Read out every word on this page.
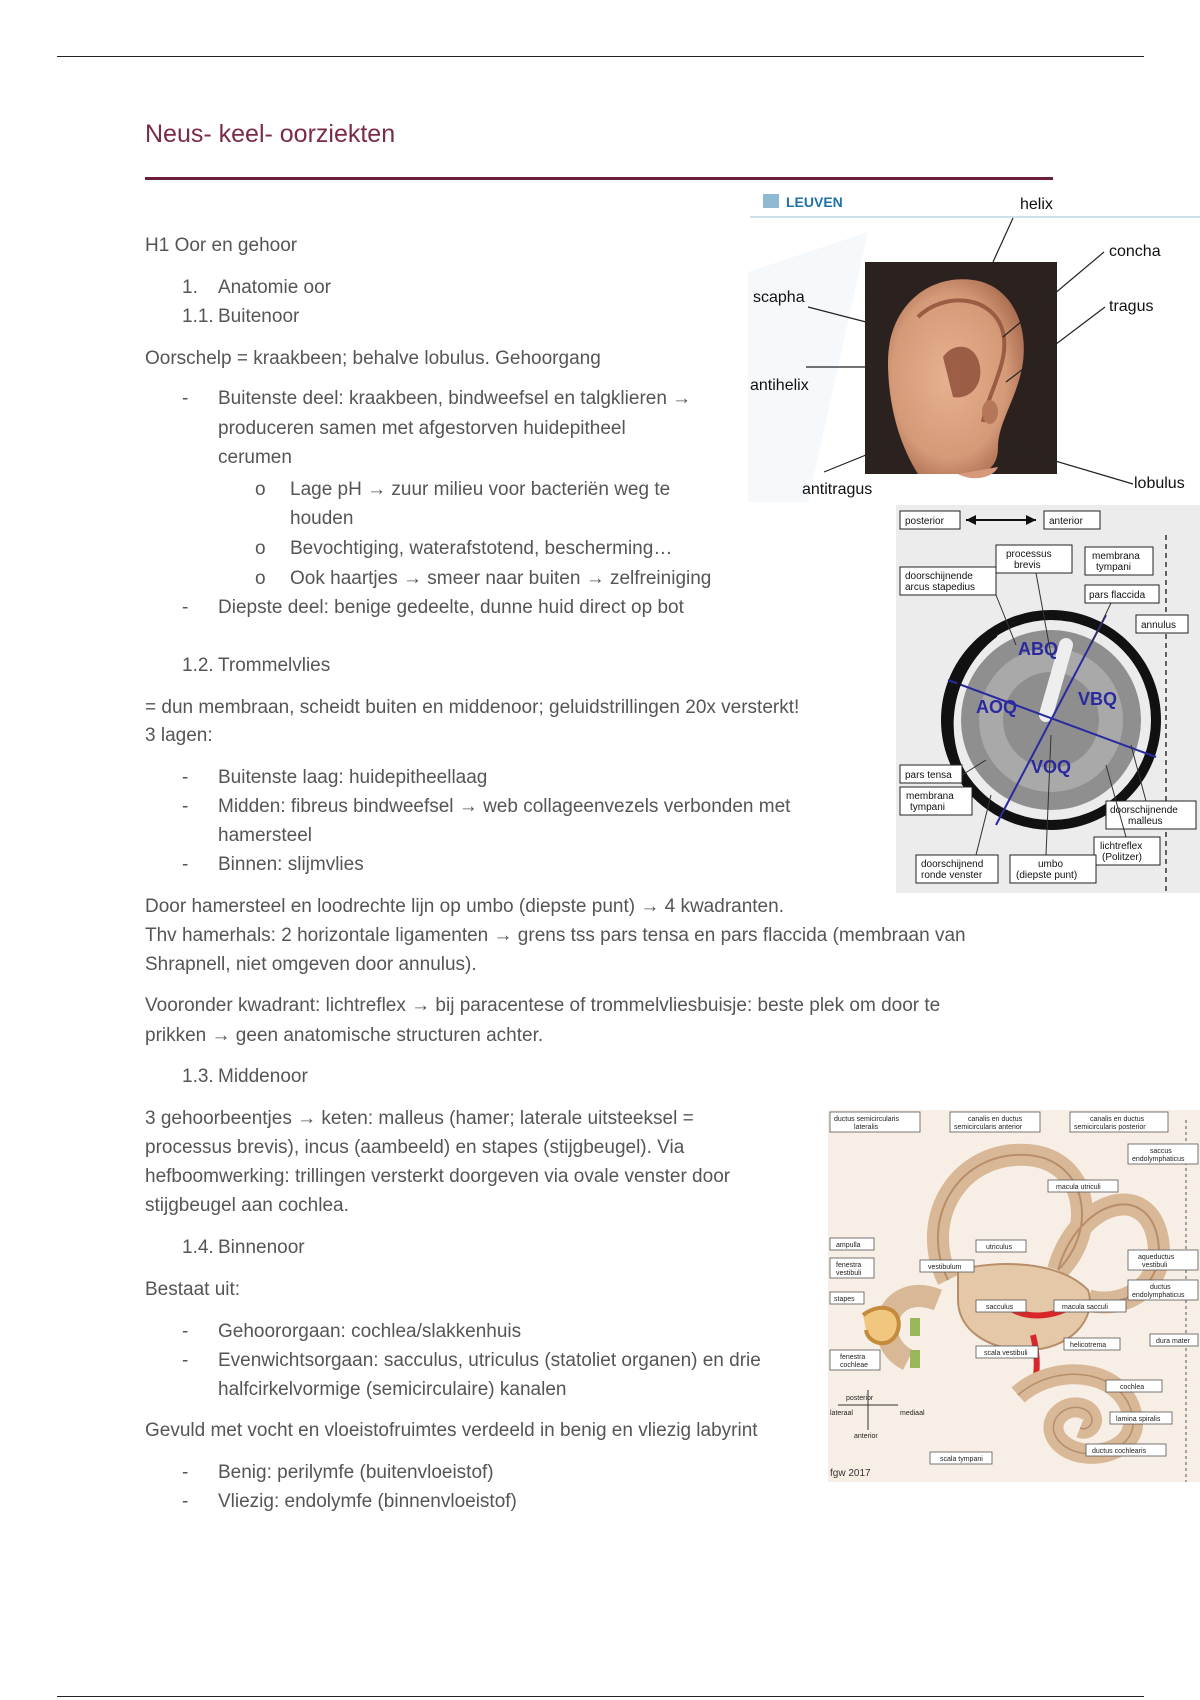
Neus- keel- oorziekten
H1 Oor en gehoor
1. Anatomie oor
1.1. Buitenoor
Oorschelp = kraakbeen; behalve lobulus. Gehoorgang
- Buitenste deel: kraakbeen, bindweefsel en talgklieren →
produceren samen met afgestorven huidepitheel
cerumen
o Lage pH → zuur milieu voor bacteriën weg te
houden
o Bevochtiging, waterafstotend, bescherming…
o Ook haartjes → smeer naar buiten → zelfreiniging
- Diepste deel: benige gedeelte, dunne huid direct op bot
1.2. Trommelvlies
= dun membraan, scheidt buiten en middenoor; geluidstrillingen 20x versterkt!
3 lagen:
- Buitenste laag: huidepitheellaag
- Midden: fibreus bindweefsel → web collageenvezels verbonden met
hamersteel
- Binnen: slijmvlies
Door hamersteel en loodrechte lijn op umbo (diepste punt) → 4 kwadranten.
Thv hamerhals: 2 horizontale ligamenten → grens tss pars tensa en pars flaccida (membraan van
Shrapnell, niet omgeven door annulus).
Vooronder kwadrant: lichtreflex → bij paracentese of trommelvliesbuisje: beste plek om door te
prikken → geen anatomische structuren achter.
1.3. Middenoor
3 gehoorbeentjes → keten: malleus (hamer; laterale uitsteeksel =
processus brevis), incus (aambeeld) en stapes (stijgbeugel). Via
hefboomwerking: trillingen versterkt doorgeven via ovale venster door
stijgbeugel aan cochlea.
1.4. Binnenoor
Bestaat uit:
- Gehoororgaan: cochlea/slakkenhuis
- Evenwichtsorgaan: sacculus, utriculus (statoliet organen) en drie
halfcirkelvormige (semicirculaire) kanalen
Gevuld met vocht en vloeistofruimtes verdeeld in benig en vliezig labyrint
- Benig: perilymfe (buitenvloeistof)
- Vliezig: endolymfe (binnenvloeistof)
LEUVEN	helix
concha
scapha
tragus
antihelix
antitragus	lobulus
ABQ
AOQ	VBQ
VOQ
posterior	anterior
processus
brevis
membrana
tympani
doorschijnende
arcus stapedius
pars flaccida
annulus
pars tensa
membrana
tympani	doorschijnende
malleus
lichtreflex
(Politzer)
doorschijnend
ronde venster
umbo
(diepste punt)
ductus semicircularis
lateralis
canalis en ductus
semicircularis anterior
canalis en ductus
semicircularis posterior
saccus
endolymphaticus
macula utriculi
ampulla
fenestra
vestibuli
utriculus
aqueductus
vestibuli
vestibulum
ductus
endolymphaticus
stapes
sacculus	macula sacculi
fenestra
cochleae
scala vestibuli
helicotrema
dura mater
posterior
lateraal	mediaal
anterior
cochlea
lamina spiralis
ductus cochlearis
scala tympani
fgw 2017
